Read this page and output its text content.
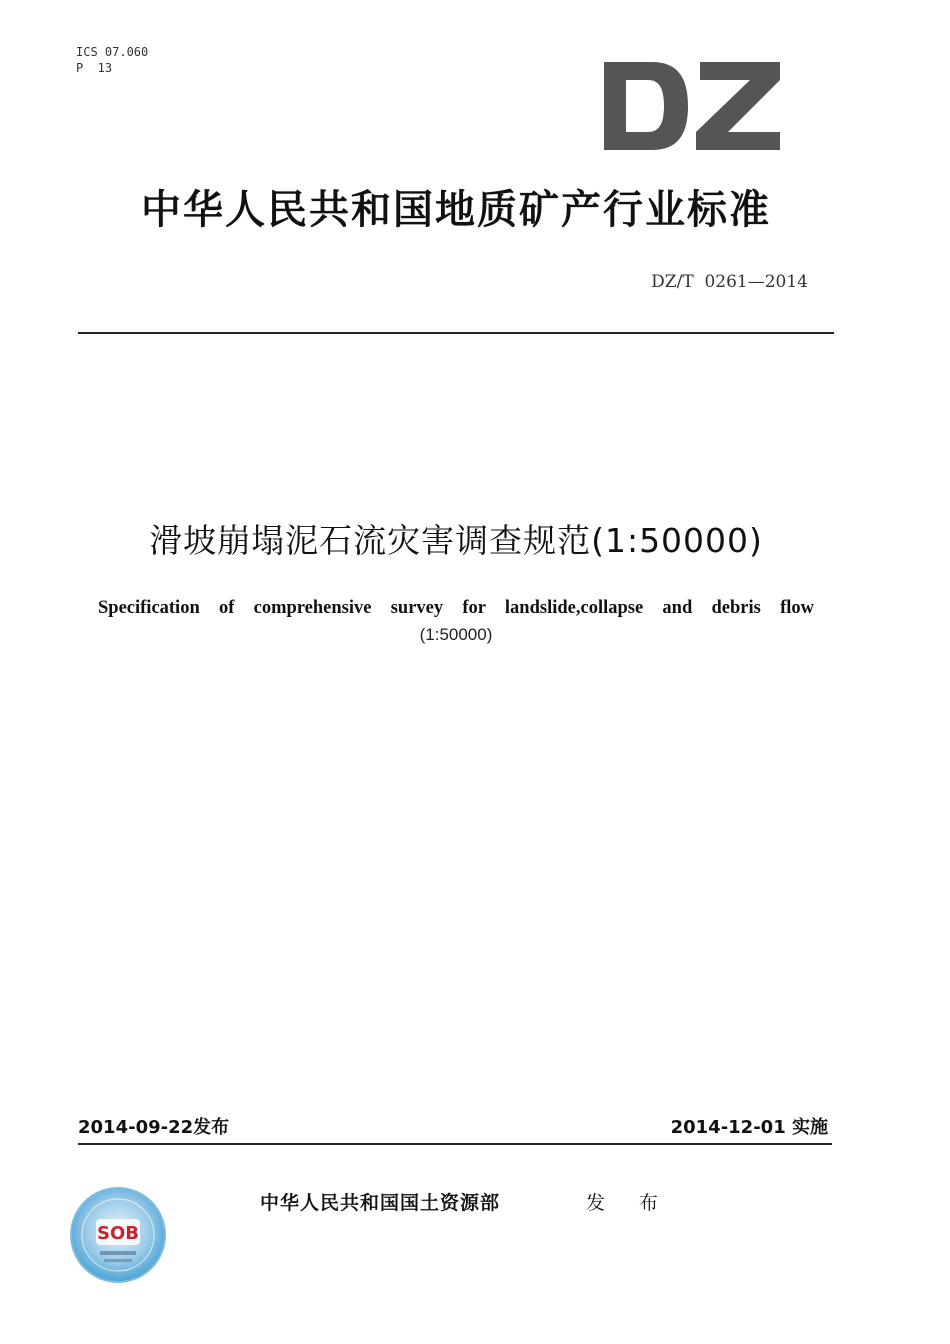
ICS 07.060
P  13
中华人民共和国地质矿产行业标准
DZ/T  0261—2014
滑坡崩塌泥石流灾害调查规范(1:50000)
Specification of comprehensive survey for landslide,collapse and debris flow
(1:50000)
2014-09-22发布	2014-12-01 实施
SOB
中华人民共和国国土资源部	发 布
